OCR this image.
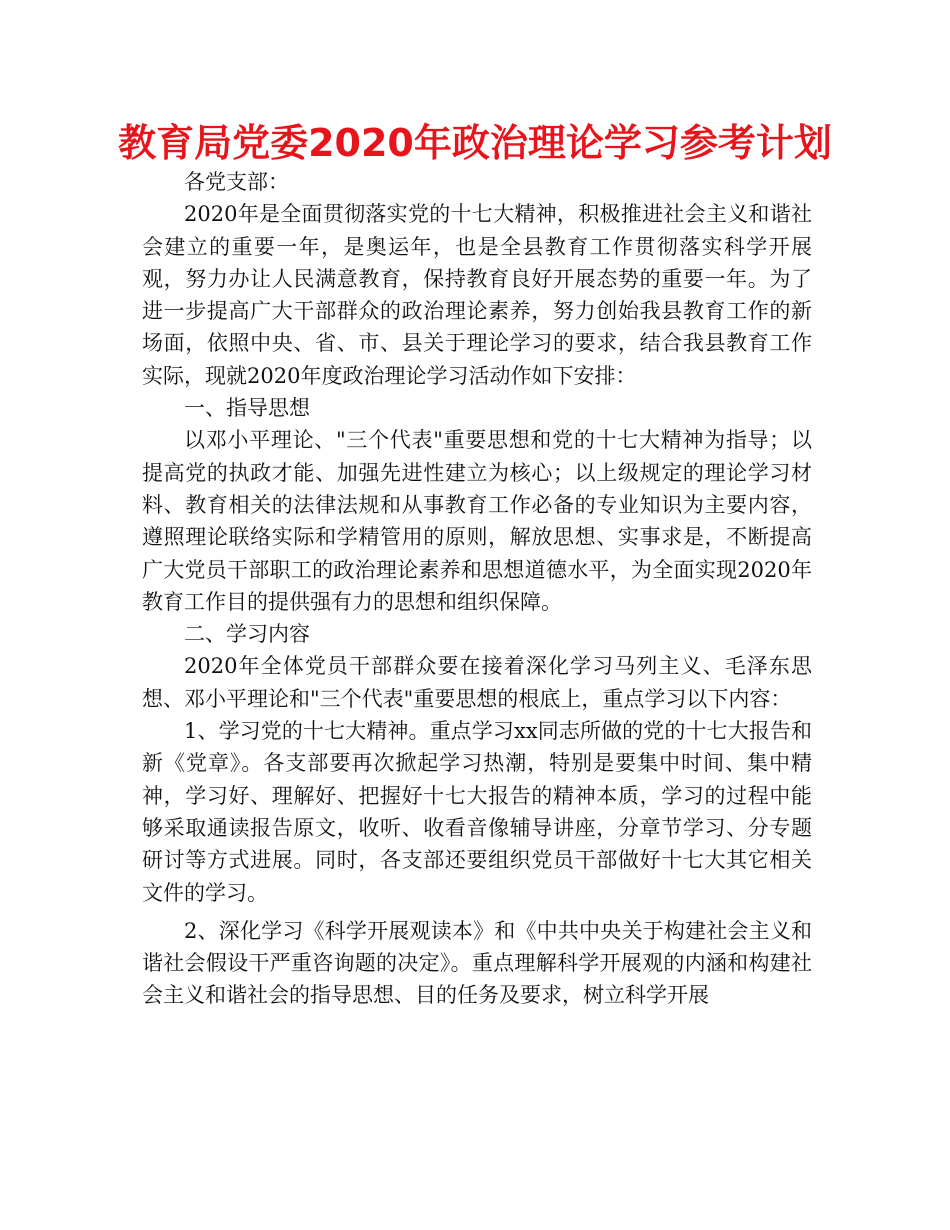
教育局党委2020年政治理论学习参考计划

各党支部：

2020年是全面贯彻落实党的十七大精神，积极推进社会主义和谐社会建立的重要一年，是奥运年，也是全县教育工作贯彻落实科学开展观，努力办让人民满意教育，保持教育良好开展态势的重要一年。为了进一步提高广大干部群众的政治理论素养，努力创始我县教育工作的新场面，依照中央、省、市、县关于理论学习的要求，结合我县教育工作实际，现就2020年度政治理论学习活动作如下安排：

一、指导思想

以邓小平理论、"三个代表"重要思想和党的十七大精神为指导；以提高党的执政才能、加强先进性建立为核心；以上级规定的理论学习材料、教育相关的法律法规和从事教育工作必备的专业知识为主要内容，遵照理论联络实际和学精管用的原则，解放思想、实事求是，不断提高广大党员干部职工的政治理论素养和思想道德水平，为全面实现2020年教育工作目的提供强有力的思想和组织保障。

二、学习内容

2020年全体党员干部群众要在接着深化学习马列主义、毛泽东思想、邓小平理论和"三个代表"重要思想的根底上，重点学习以下内容：

1、学习党的十七大精神。重点学习xx同志所做的党的十七大报告和新《党章》。各支部要再次掀起学习热潮，特别是要集中时间、集中精神，学习好、理解好、把握好十七大报告的精神本质，学习的过程中能够采取通读报告原文，收听、收看音像辅导讲座，分章节学习、分专题研讨等方式进展。同时，各支部还要组织党员干部做好十七大其它相关文件的学习。

2、深化学习《科学开展观读本》和《中共中央关于构建社会主义和谐社会假设干严重咨询题的决定》。重点理解科学开展观的内涵和构建社会主义和谐社会的指导思想、目的任务及要求，树立科学开展
